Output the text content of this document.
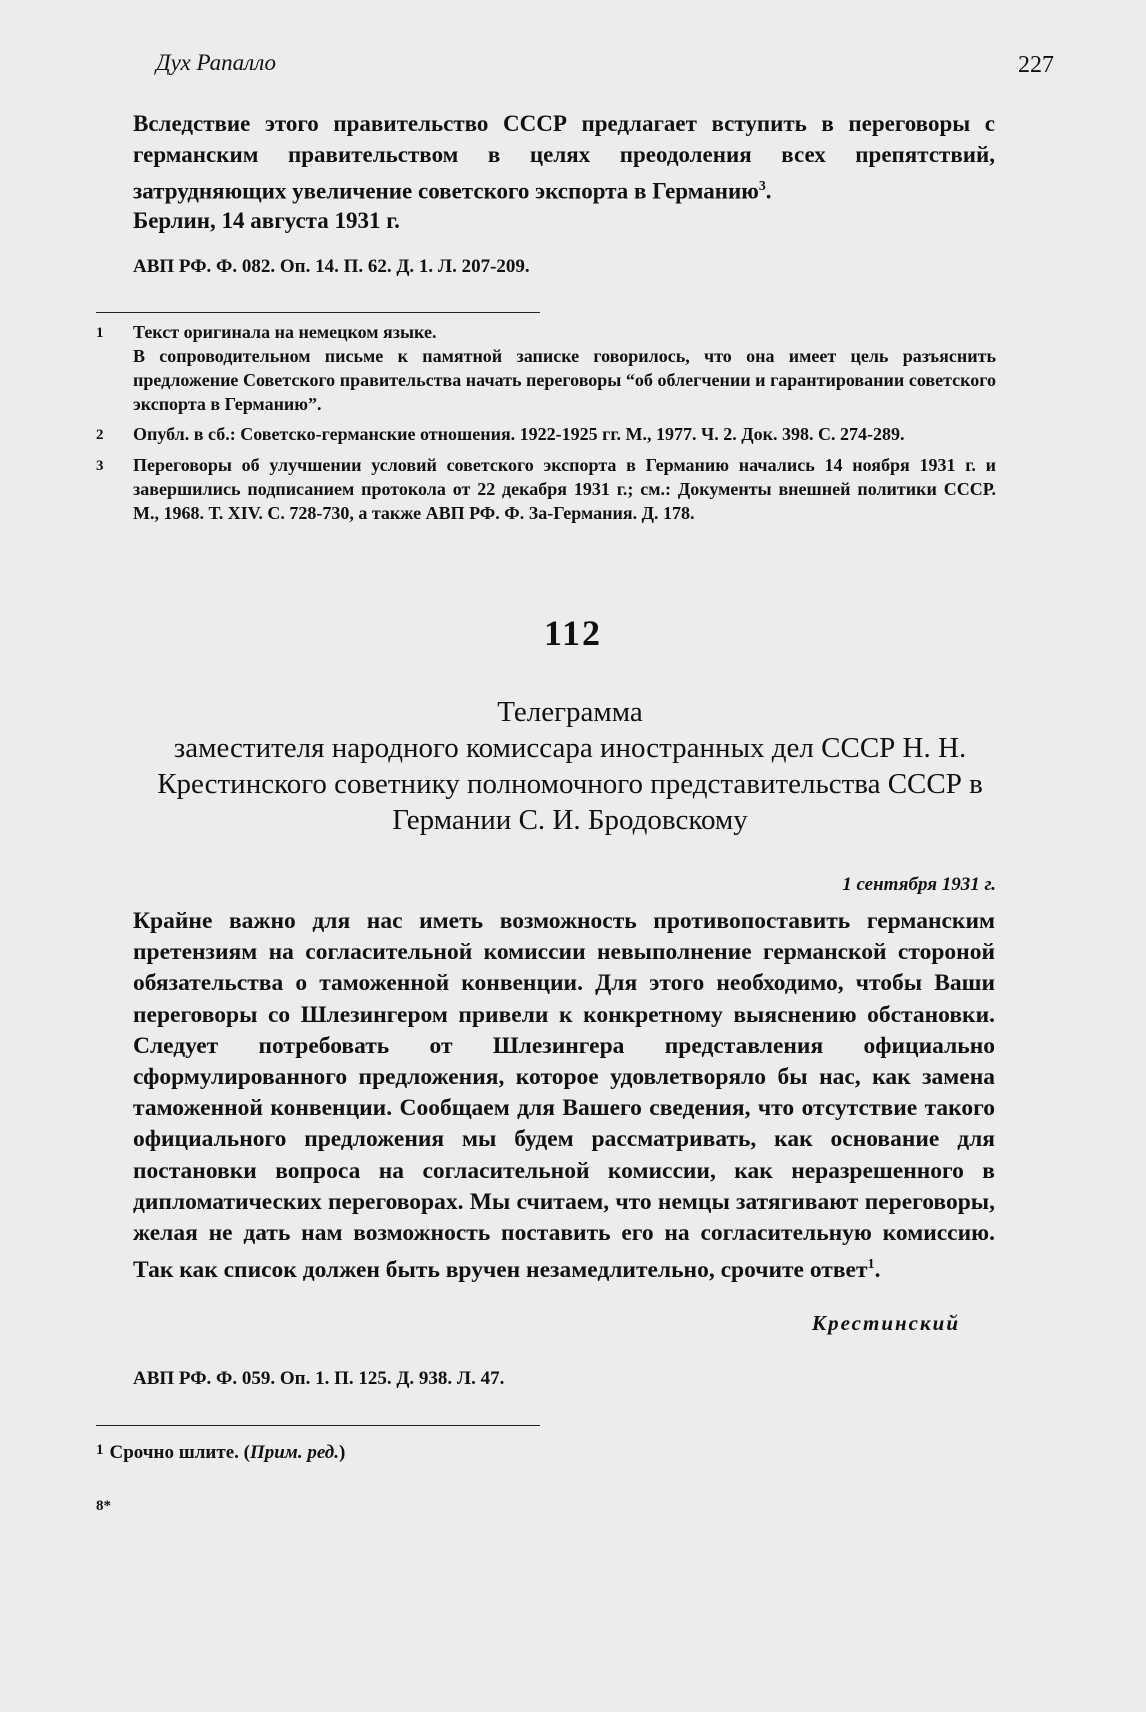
Дух Рапалло	227
Вследствие этого правительство СССР предлагает вступить в переговоры с германским правительством в целях преодоления всех препятствий, затрудняющих увеличение советского экспорта в Германию$^3$.
Берлин, 14 августа 1931 г.
АВП РФ. Ф. 082. Оп. 14. П. 62. Д. 1. Л. 207-209.
1	Текст оригинала на немецком языке.

В сопроводительном письме к памятной записке говорилось, что она имеет цель разъяснить предложение Советского правительства начать переговоры “об облегчении и гарантировании советского экспорта в Германию”.

2	Опубл. в сб.: Советско-германские отношения. 1922-1925 гг. М., 1977. Ч. 2. Док. 398. С. 274-289.

3	Переговоры об улучшении условий советского экспорта в Германию начались 14 ноября 1931 г. и завершились подписанием протокола от 22 декабря 1931 г.; см.: Документы внешней политики СССР. М., 1968. Т. XIV. С. 728-730, а также АВП РФ. Ф. За-Германия. Д. 178.

112
Телеграмма
заместителя народного комиссара иностранных дел СССР Н. Н. Крестинского советнику полномочного представительства СССР в Германии С. И. Бродовскому
1 сентября 1931 г.
Крайне важно для нас иметь возможность противопоставить германским претензиям на согласительной комиссии невыполнение германской стороной обязательства о таможенной конвенции. Для этого необходимо, чтобы Ваши переговоры со Шлезингером привели к конкретному выяснению обстановки. Следует потребовать от Шлезингера представления официально сформулированного предложения, которое удовлетворяло бы нас, как замена таможенной конвенции. Сообщаем для Вашего сведения, что отсутствие такого официального предложения мы будем рассматривать, как основание для постановки вопроса на согласительной комиссии, как неразрешенного в дипломатических переговорах. Мы считаем, что немцы затягивают переговоры, желая не дать нам возможность поставить его на согласительную комиссию. Так как список должен быть вручен незамедлительно, срочите ответ$^1$.
Крестинский
АВП РФ. Ф. 059. Оп. 1. П. 125. Д. 938. Л. 47.
$^1$ Срочно шлите. (Прим. ред.)
8*
